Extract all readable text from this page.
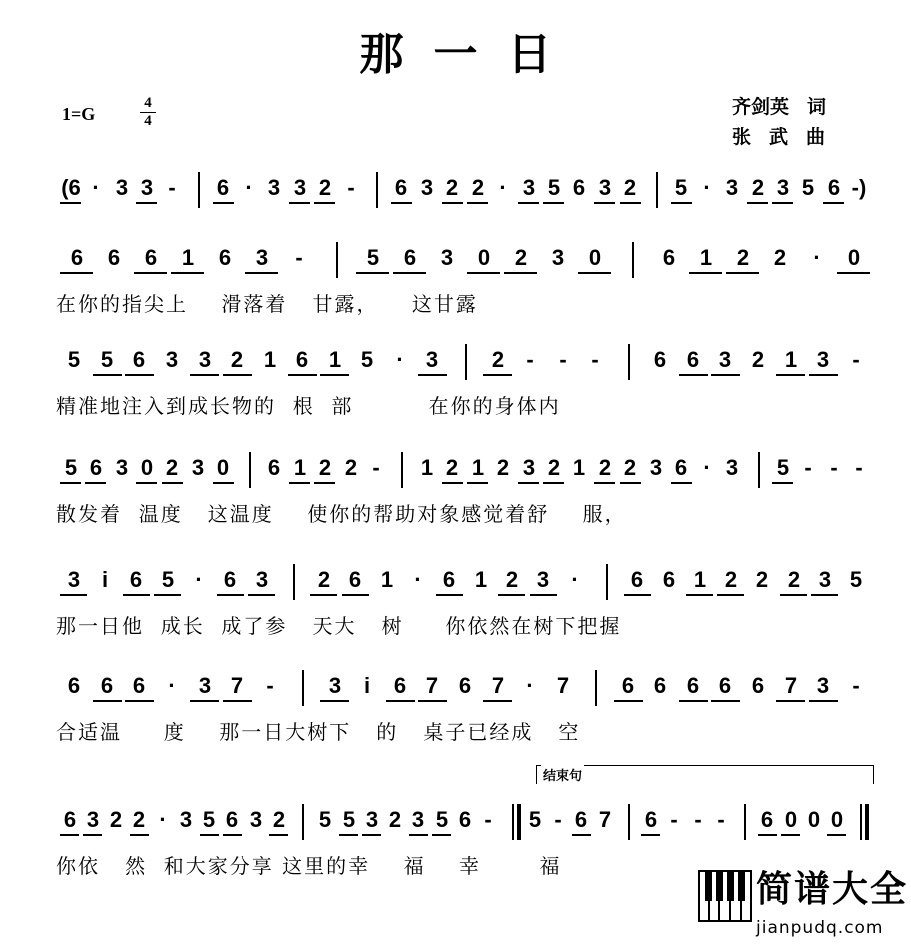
那一日
1=G
4
4
齐剑英 词
张武曲
(6 · 3 3 - 6 · 3 3 2 - 6 3 2 2 · 3 5 6 3 2 5 · 3 2 3 5 6 -)
6 6 6 1 6 3 -	5 6 3 0 2 3 0	6 1 2 2 · 0
在你的指尖上    滑落着   甘露，    这甘露
5 5 6 3 3 2 1 6 1 5 · 3 2 - - -	6 6 3 2 1 3 -
精准地注入到成长物的  根  部         在你的身体内
5 6 3 0 2 3 0 6 1 2 2 - 1 2 1 2 3 2 1 2 2 3 6 · 3 5 - - -
散发着  温度   这温度    使你的帮助对象感觉着舒    服，
3 i 6 5 · 6 3 2 6 1 · 6 1 2 3 · 6 6 1 2 2 2 3 5
那一日他  成长  成了参   天大   树     你依然在树下把握
6 6 6 · 3 7 -	3	i	6 7 6 7 · 7 6 6 6 6 6 7 3 -
合适温     度    那一日大树下   的   桌子已经成   空
6 3 2 2 · 3 5 6 3 2 5 5 3 2 3 5 6 - 5 - 6 7 6 - - - 6 0 0 0
你依   然  和大家分享 这里的幸    福    幸       福
结束句
简谱大全
jianpudq.com
